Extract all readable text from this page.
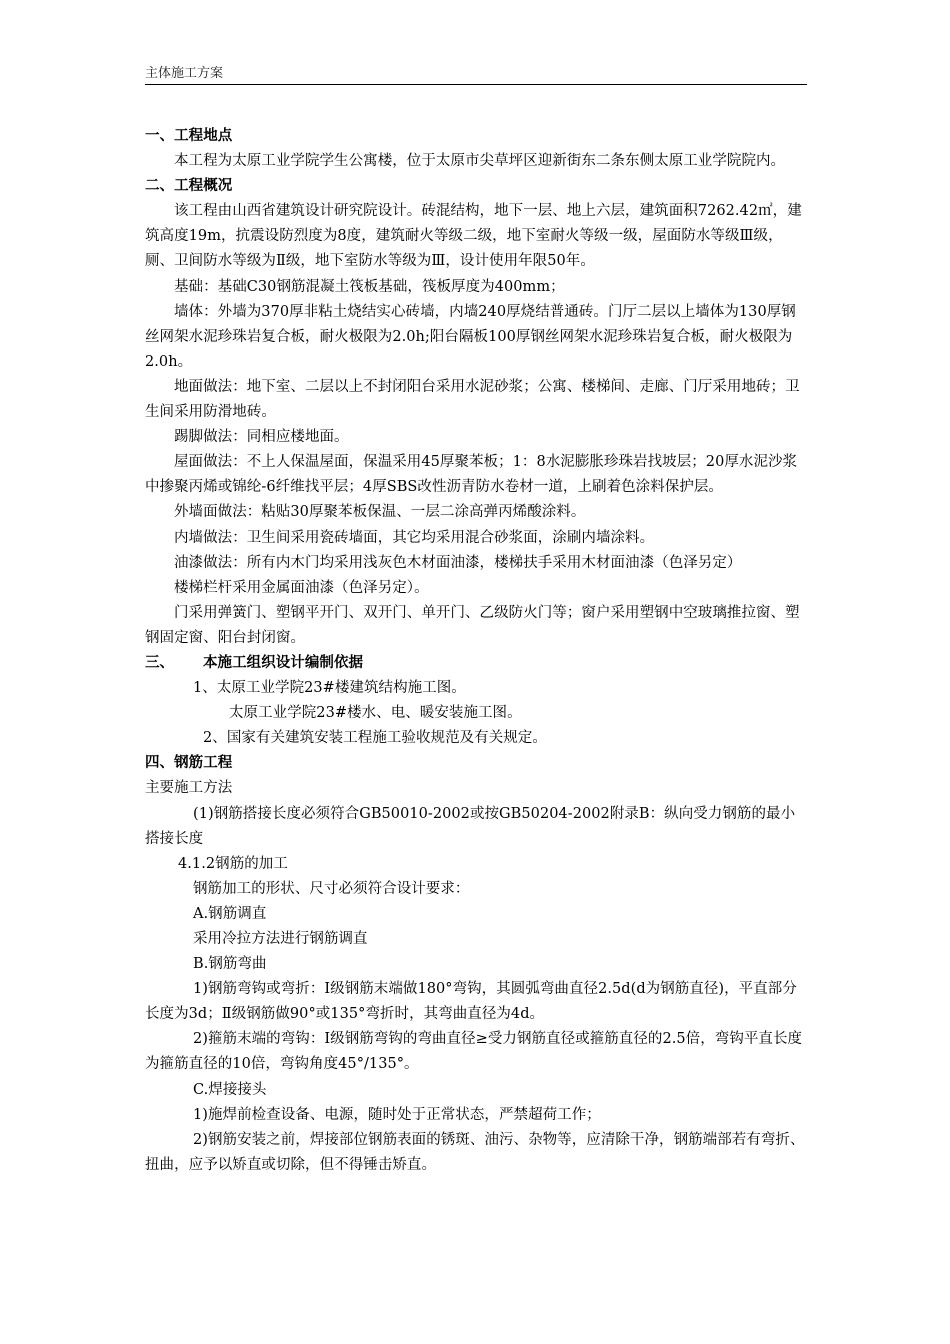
主体施工方案

一、工程地点

本工程为太原工业学院学生公寓楼，位于太原市尖草坪区迎新街东二条东侧太原工业学院院内。

二、工程概况

该工程由山西省建筑设计研究院设计。砖混结构，地下一层、地上六层，建筑面积7262.42㎡，建筑高度19m，抗震设防烈度为8度，建筑耐火等级二级，地下室耐火等级一级，屋面防水等级Ⅲ级，厕、卫间防水等级为Ⅱ级，地下室防水等级为Ⅲ，设计使用年限50年。

基础：基础C30钢筋混凝土筏板基础，筏板厚度为400mm；

墙体：外墙为370厚非粘土烧结实心砖墙，内墙240厚烧结普通砖。门厅二层以上墙体为130厚钢丝网架水泥珍珠岩复合板，耐火极限为2.0h;阳台隔板100厚钢丝网架水泥珍珠岩复合板，耐火极限为2.0h。

地面做法：地下室、二层以上不封闭阳台采用水泥砂浆；公寓、楼梯间、走廊、门厅采用地砖；卫生间采用防滑地砖。

踢脚做法：同相应楼地面。

屋面做法：不上人保温屋面，保温采用45厚聚苯板；1：8水泥膨胀珍珠岩找坡层；20厚水泥沙浆中掺聚丙烯或锦纶-6纤维找平层；4厚SBS改性沥青防水卷材一道，上刷着色涂料保护层。

外墙面做法：粘贴30厚聚苯板保温、一层二涂高弹丙烯酸涂料。

内墙做法：卫生间采用瓷砖墙面，其它均采用混合砂浆面，涂刷内墙涂料。

油漆做法：所有内木门均采用浅灰色木材面油漆，楼梯扶手采用木材面油漆（色泽另定）

楼梯栏杆采用金属面油漆（色泽另定）。

门采用弹簧门、塑钢平开门、双开门、单开门、乙级防火门等；窗户采用塑钢中空玻璃推拉窗、塑钢固定窗、阳台封闭窗。

三、 本施工组织设计编制依据

1、太原工业学院23#楼建筑结构施工图。

太原工业学院23#楼水、电、暖安装施工图。

2、国家有关建筑安装工程施工验收规范及有关规定。

四、钢筋工程

主要施工方法

(1)钢筋搭接长度必须符合GB50010-2002或按GB50204-2002附录B：纵向受力钢筋的最小搭接长度

4.1.2钢筋的加工

钢筋加工的形状、尺寸必须符合设计要求：

A.钢筋调直

采用冷拉方法进行钢筋调直

B.钢筋弯曲

1)钢筋弯钩或弯折：Ⅰ级钢筋末端做180°弯钩，其圆弧弯曲直径2.5d(d为钢筋直径)，平直部分长度为3d；Ⅱ级钢筋做90°或135°弯折时，其弯曲直径为4d。

2)箍筋末端的弯钩：Ⅰ级钢筋弯钩的弯曲直径≥受力钢筋直径或箍筋直径的2.5倍，弯钩平直长度为箍筋直径的10倍，弯钩角度45°/135°。

C.焊接接头

1)施焊前检查设备、电源，随时处于正常状态，严禁超荷工作；

2)钢筋安装之前，焊接部位钢筋表面的锈斑、油污、杂物等，应清除干净，钢筋端部若有弯折、扭曲，应予以矫直或切除，但不得锤击矫直。
